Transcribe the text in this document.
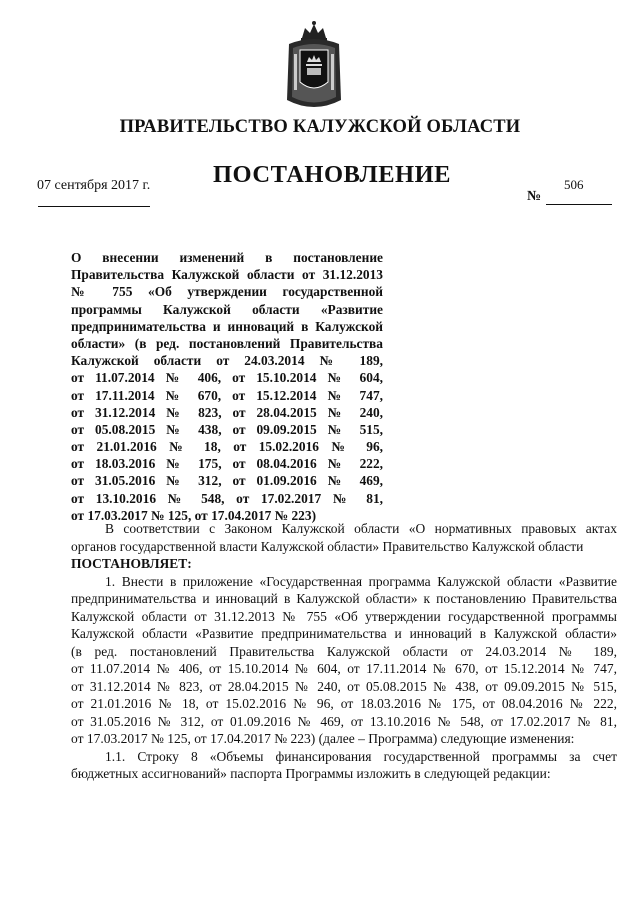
ПРАВИТЕЛЬСТВО КАЛУЖСКОЙ ОБЛАСТИ
07 сентября 2017 г.	ПОСТАНОВЛЕНИЕ	506
№
О внесении изменений в постановление
Правительства Калужской области от 31.12.2013
№ 755 «Об утверждении государственной
программы Калужской области «Развитие
предпринимательства и инноваций в Калужской
области» (в ред. постановлений Правительства
Калужской области от 24.03.2014 № 189,
от 11.07.2014 № 406, от 15.10.2014 № 604,
от 17.11.2014 № 670, от 15.12.2014 № 747,
от 31.12.2014 № 823, от 28.04.2015 № 240,
от 05.08.2015 № 438, от 09.09.2015 № 515,
от 21.01.2016 № 18, от 15.02.2016 № 96,
от 18.03.2016 № 175, от 08.04.2016 № 222,
от 31.05.2016 № 312, от 01.09.2016 № 469,
от 13.10.2016 № 548, от 17.02.2017 № 81,
от 17.03.2017 № 125, от 17.04.2017 № 223)
В соответствии с Законом Калужской области «О нормативных правовых актах
органов государственной власти Калужской области» Правительство Калужской области
ПОСТАНОВЛЯЕТ:
1. Внести в приложение «Государственная программа Калужской области «Развитие
предпринимательства и инноваций в Калужской области» к постановлению Правительства
Калужской области от 31.12.2013 № 755 «Об утверждении государственной программы
Калужской области «Развитие предпринимательства и инноваций в Калужской области»
(в ред. постановлений Правительства Калужской области от 24.03.2014 № 189,
от 11.07.2014 № 406, от 15.10.2014 № 604, от 17.11.2014 № 670, от 15.12.2014 № 747,
от 31.12.2014 № 823, от 28.04.2015 № 240, от 05.08.2015 № 438, от 09.09.2015 № 515,
от 21.01.2016 № 18, от 15.02.2016 № 96, от 18.03.2016 № 175, от 08.04.2016 № 222,
от 31.05.2016 № 312, от 01.09.2016 № 469, от 13.10.2016 № 548, от 17.02.2017 № 81,
от 17.03.2017 № 125, от 17.04.2017 № 223) (далее – Программа) следующие изменения:
1.1. Строку 8 «Объемы финансирования государственной программы за счет
бюджетных ассигнований» паспорта Программы изложить в следующей редакции:
